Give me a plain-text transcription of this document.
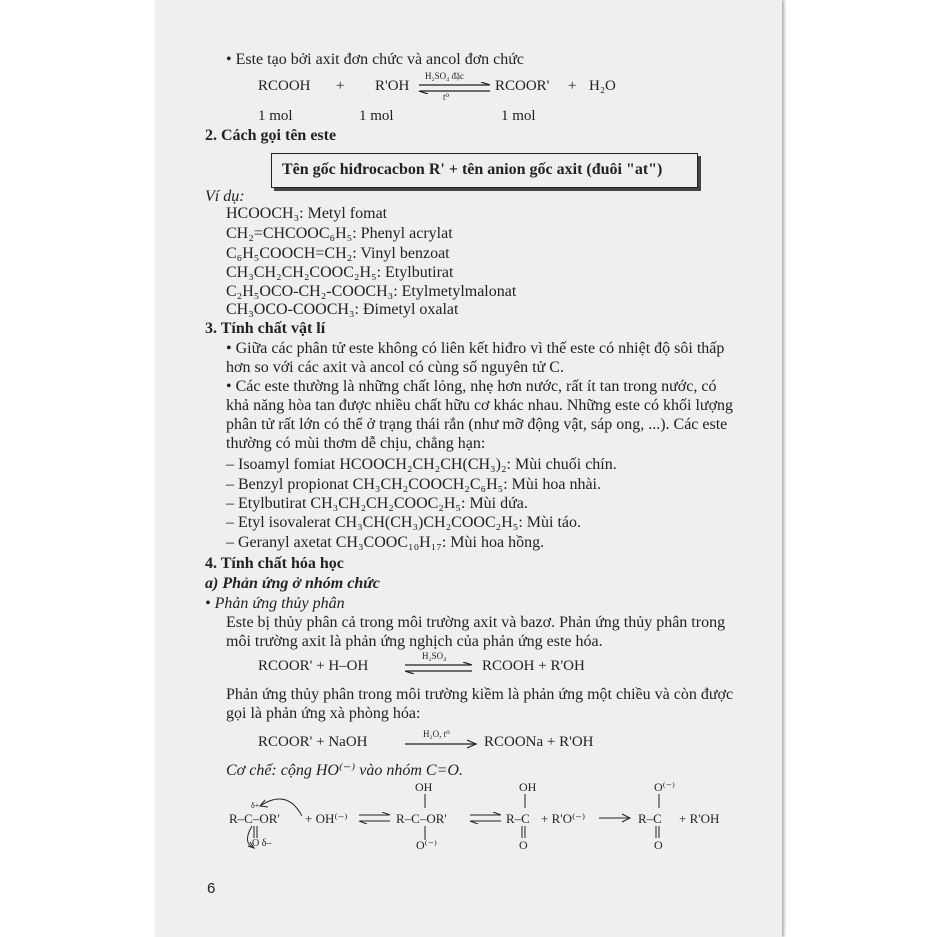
• Este tạo bởi axit đơn chức và ancol đơn chức
RCOOH + R'OH
H₂SO₄ đặc
t⁰
RCOOR' + H₂O
1 mol	1 mol	1 mol
2. Cách gọi tên este
Tên gốc hiđrocacbon R' + tên anion gốc axit (đuôi "at")
Ví dụ:
HCOOCH₃: Metyl fomat
CH₂=CHCOOC₆H₅: Phenyl acrylat
C₆H₅COOCH=CH₂: Vinyl benzoat
CH₃CH₂CH₂COOC₂H₅: Etylbutirat
C₂H₅OCO-CH₂-COOCH₃: Etylmetylmalonat
CH₃OCO-COOCH₃: Đimetyl oxalat
3. Tính chất vật lí
• Giữa các phân tử este không có liên kết hiđro vì thế este có nhiệt độ sôi thấp
hơn so với các axit và ancol có cùng số nguyên tử C.
• Các este thường là những chất lỏng, nhẹ hơn nước, rất ít tan trong nước, có
khả năng hòa tan được nhiều chất hữu cơ khác nhau. Những este có khối lượng
phân tử rất lớn có thể ở trạng thái rắn (như mỡ động vật, sáp ong, ...). Các este
thường có mùi thơm dễ chịu, chẳng hạn:
– Isoamyl fomiat HCOOCH₂CH₂CH(CH₃)₂: Mùi chuối chín.
– Benzyl propionat CH₃CH₂COOCH₂C₆H₅: Mùi hoa nhài.
– Etylbutirat CH₃CH₂CH₂COOC₂H₅: Mùi dứa.
– Etyl isovalerat CH₃CH(CH₃)CH₂COOC₂H₅: Mùi táo.
– Geranyl axetat CH₃COOC₁₀H₁₇: Mùi hoa hồng.
4. Tính chất hóa học
a) Phản ứng ở nhóm chức
• Phản ứng thủy phân
Este bị thủy phân cả trong môi trường axit và bazơ. Phản ứng thủy phân trong
môi trường axit là phản ứng nghịch của phản ứng este hóa.
RCOOR' + H–OH
H₂SO₄
RCOOH + R'OH
Phản ứng thủy phân trong môi trường kiềm là phản ứng một chiều và còn được
gọi là phản ứng xà phòng hóa:
RCOOR' + NaOH	H₂O, t⁰ RCOONa + R'OH
Cơ chế: cộng HO⁽⁻⁾ vào nhóm C=O.
δ+
R–C–OR'
O δ–
+ OH⁽⁻⁾
OH
R–C–OR'
O⁽⁻⁾
OH
R–C
O
+ R'O⁽⁻⁾
O⁽⁻⁾
R–C
O
+ R'OH
6
